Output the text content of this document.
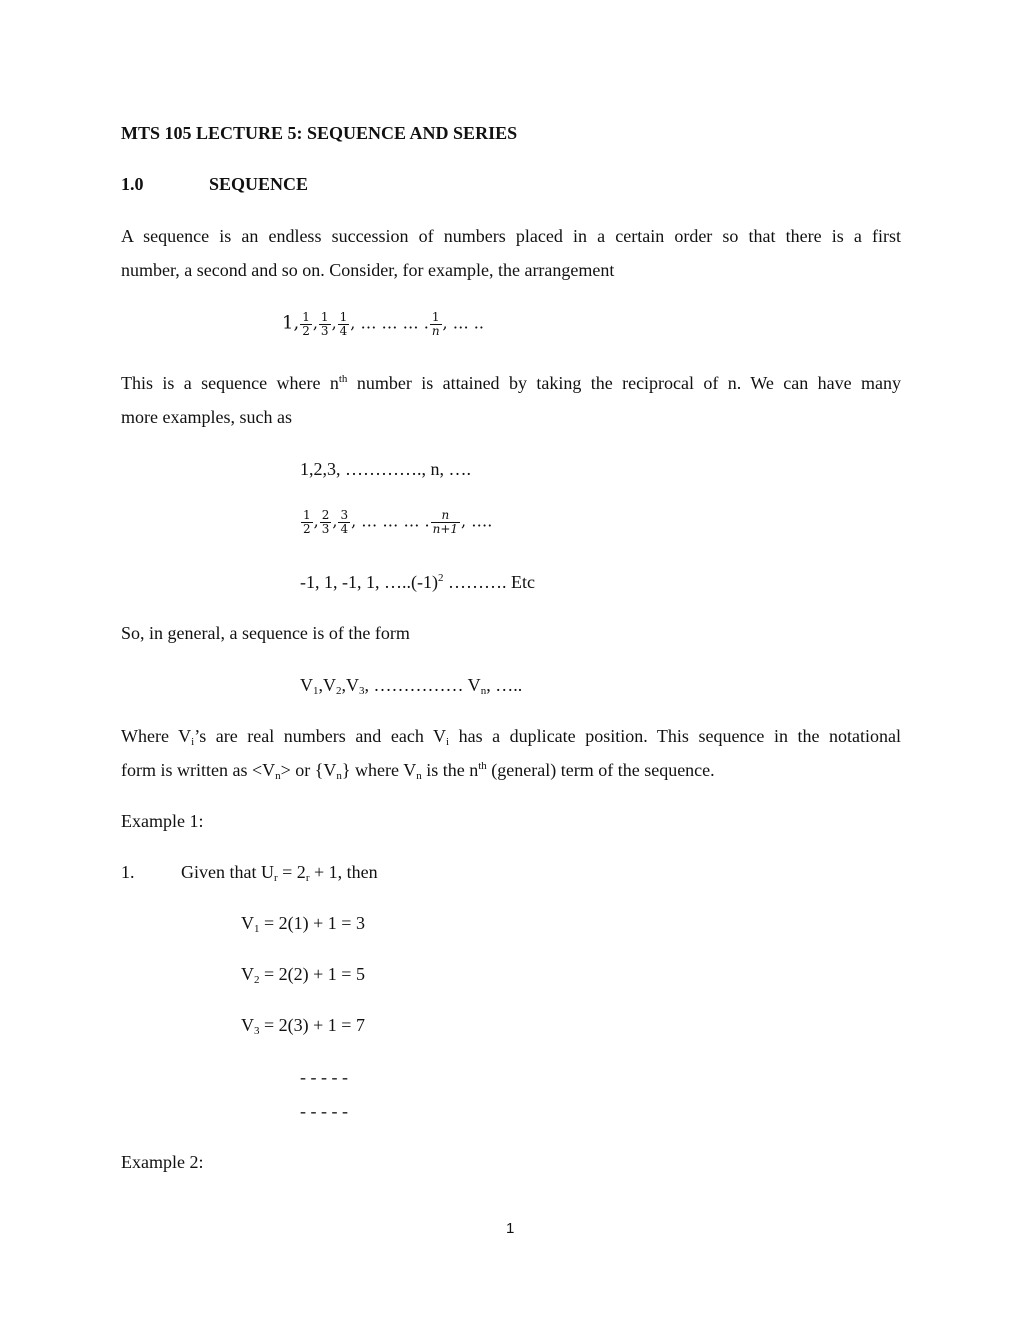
MTS 105 LECTURE 5: SEQUENCE AND SERIES
1.0	SEQUENCE
A sequence is an endless succession of numbers placed in a certain order so that there is a first
number, a second and so on. Consider, for example, the arrangement
1, $\frac{1}{2}$ , $\frac{1}{3}$ , $\frac{1}{4}$ , … … … . $\frac{1}{n}$ , … ..
This is a sequence where $n^{th}$ number is attained by taking the reciprocal of n. We can have many
more examples, such as
1,2,3, …………., n, ….
$\frac{1}{2}$ , $\frac{2}{3}$ , $\frac{3}{4}$ , … … … . $\frac{n}{n+1}$ , ….
-1, 1, -1, 1, $\dots..(-1)^2$ ………. Etc
So, in general, a sequence is of the form
$V_1,V_2,V_3$, …………… $V_n$, …..
Where $V_i’s$ are real numbers and each $V_i$ has a duplicate position. This sequence in the notational
form is written as $<V_n>$ or $\{V_n\}$ where $V_n$ is the $n^{th}$ (general) term of the sequence.
Example 1:
1.	Given that $U_r = 2_r + 1$, then
$V_1 = 2(1) + 1 = 3$
$V_2 = 2(2) + 1 = 5$
$V_3 = 2(3) + 1 = 7$
- - - - -
- - - - -
Example 2:
1
